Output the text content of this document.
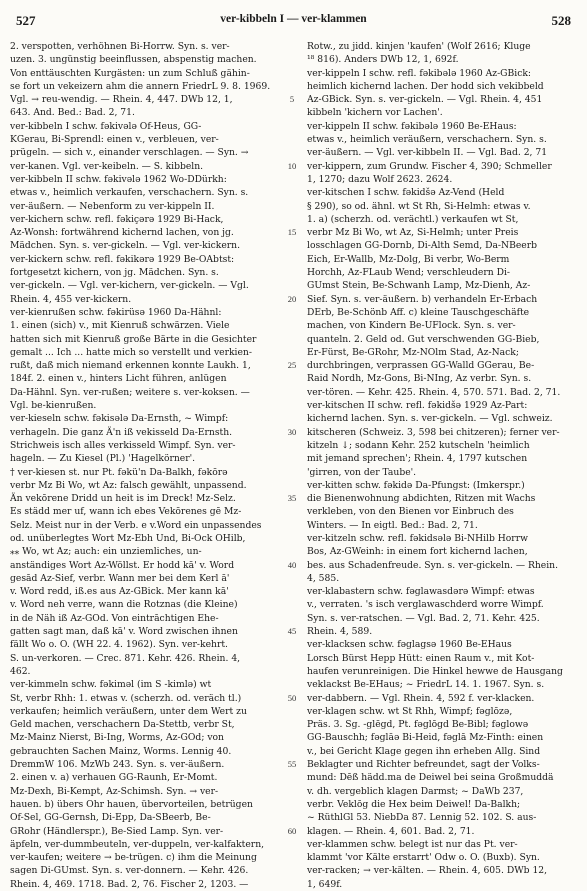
527	ver-kibbeln I — ver-klammen	528
2. verspotten, verhöhnen Bi-Horrw. Syn. s. ver-
uzen. 3. ungünstig beeinflussen, abspenstig machen.
Von enttäuschten Kurgästen: un zum Schluß gähin-
se fort un vekeizern ahm die annern FriedrL 9. 8. 1969.
Vgl. → reu-wendig. — Rhein. 4, 447. DWb 12, 1,
643. And. Bed.: Bad. 2, 71.
ver-kibbeln I schw. fəkivələ Of-Heus, GG-
KGerau, Bi-Sprendl: einen v., verbleuen, ver-
prügeln. — sich v., einander verschlagen. — Syn. →
ver-kanen. Vgl. ver-keibeln. — S. kibbeln.
ver-kibbeln II schw. fəkivələ 1962 Wo-DDürkh:
etwas v., heimlich verkaufen, verschachern. Syn. s.
ver-äußern. — Nebenform zu ver-kippeln II.
ver-kichern schw. refl. fəkiçərə 1929 Bi-Hack,
Az-Wonsh: fortwährend kichernd lachen, von jg.
Mädchen. Syn. s. ver-gickeln. — Vgl. ver-kickern.
ver-kickern schw. refl. fəkikərə 1929 Be-OAbtst:
fortgesetzt kichern, von jg. Mädchen. Syn. s.
ver-gickeln. — Vgl. ver-kichern, ver-gickeln. — Vgl.
Rhein. 4, 455 ver-kickern.
ver-kienrußen schw. fəkirüsə 1960 Da-Hähnl:
1. einen (sich) v., mit Kienruß schwärzen. Viele
hatten sich mit Kienruß große Bärte in die Gesichter
gemalt ... Ich ... hatte mich so verstellt und verkien-
rußt, daß mich niemand erkennen konnte Laukh. 1,
184f. 2. einen v., hinters Licht führen, anlügen
Da-Hähnl. Syn. ver-rußen; weitere s. ver-koksen. —
Vgl. be-kienrußen.
ver-kieseln schw. fəkisələ Da-Ernsth, ~ Wimpf:
verhageln. Die ganz Ä'n iß vekisseld Da-Ernsth.
Strichweis isch alles verkisseld Wimpf. Syn. ver-
hageln. — Zu Kiesel (Pl.) 'Hagelkörner'.
† ver-kiesen st. nur Pt. fəkü'n Da-Balkh, fəkōrə
verbr Mz Bi Wo, wt Az: falsch gewählt, unpassend.
Än vekōrene Dridd un heit is im Dreck! Mz-Selz.
Es städd mer uf, wann ich ebes Vekōrenes gē Mz-
Selz. Meist nur in der Verb. e v.Word ein unpassendes
od. unüberlegtes Wort Mz-Ebh Und, Bi-Ock OHilb,
⁎⁎ Wo, wt Az; auch: ein unziemliches, un-
anständiges Wort Az-Wöllst. Er hodd kā' v. Word
gesād Az-Sief, verbr. Wann mer bei dem Kerl ā'
v. Word redd, iß.es aus Az-GBick. Mer kann kā'
v. Word neh verre, wann die Rotznas (die Kleine)
in de Näh iß Az-GOd. Von eintrāchtigen Ehe-
gatten sagt man, daß kā' v. Word zwischen ihnen
fällt Wo o. O. (WH 22. 4. 1962). Syn. ver-kehrt.
S. un-verkoren. — Crec. 871. Kehr. 426. Rhein. 4,
462.
ver-kimmeln schw. fəkiməl (im S -kimlə) wt
St, verbr Rhh: 1. etwas v. (scherzh. od. veräch tl.)
verkaufen; heimlich veräußern, unter dem Wert zu
Geld machen, verschachern Da-Stettb, verbr St,
Mz-Mainz Nierst, Bi-Ing, Worms, Az-GOd; von
gebrauchten Sachen Mainz, Worms. Lennig 40.
DremmW 106. MzWb 243. Syn. s. ver-äußern.
2. einen v. a) verhauen GG-Raunh, Er-Momt.
Mz-Dexh, Bi-Kempt, Az-Schimsh. Syn. → ver-
hauen. b) übers Ohr hauen, übervorteilen, betrügen
Of-Sel, GG-Gernsh, Di-Epp, Da-SBeerb, Be-
GRohr (Händlerspr.), Be-Sied Lamp. Syn. ver-
äpfeln, ver-dummbeuteln, ver-duppeln, ver-kalfaktern,
ver-kaufen; weitere → be-trügen. c) ihm die Meinung
sagen Di-GUmst. Syn. s. ver-donnern. — Kehr. 426.
Rhein. 4, 469. 1718. Bad. 2, 76. Fischer 2, 1203. —
5
10
15
20
25
30
35
40
45
50
55
60
Rotw., zu jidd. kinjen 'kaufen' (Wolf 2616; Kluge
¹⁸ 816). Anders DWb 12, 1, 692f.
ver-kippeln I schw. refl. fəkibələ 1960 Az-GBick:
heimlich kichernd lachen. Der hodd sich vekibbeld
Az-GBick. Syn. s. ver-gickeln. — Vgl. Rhein. 4, 451
kibbeln 'kichern vor Lachen'.
ver-kippeln II schw. fəkibələ 1960 Be-EHaus:
etwas v., heimlich veräußern, verschachern. Syn. s.
ver-äußern. — Vgl. ver-kibbeln II. — Vgl. Bad. 2, 71
ver-kippern, zum Grundw. Fischer 4, 390; Schmeller
1, 1270; dazu Wolf 2623. 2624.
ver-kitschen I schw. fəkidšə Az-Vend (Held
§ 290), so od. ähnl. wt St Rh, Si-Helmh: etwas v.
1. a) (scherzh. od. verächtl.) verkaufen wt St,
verbr Mz Bi Wo, wt Az, Si-Helmh; unter Preis
losschlagen GG-Dornb, Di-Alth Semd, Da-NBeerb
Eich, Er-Wallb, Mz-Dolg, Bi verbr, Wo-Berm
Horchh, Az-FLaub Wend; verschleudern Di-
GUmst Stein, Be-Schwanh Lamp, Mz-Dienh, Az-
Sief. Syn. s. ver-äußern. b) verhandeln Er-Erbach
DErb, Be-Schönb Aff. c) kleine Tauschgeschäfte
machen, von Kindern Be-UFlock. Syn. s. ver-
quanteln. 2. Geld od. Gut verschwenden GG-Bieb,
Er-Fürst, Be-GRohr, Mz-NOlm Stad, Az-Nack;
durchbringen, verprassen GG-Walld GGerau, Be-
Raid Nordh, Mz-Gons, Bi-NIng, Az verbr. Syn. s.
ver-tören. — Kehr. 425. Rhein. 4, 570. 571. Bad. 2, 71.
ver-kitschen II schw. refl. fəkidšə 1929 Az-Part:
kichernd lachen. Syn. s. ver-gickeln. — Vgl. schweiz.
kitscheren (Schweiz. 3, 598 bei chitzeren); ferner ver-
kitzeln ↓; sodann Kehr. 252 kutscheln 'heimlich
mit jemand sprechen'; Rhein. 4, 1797 kutschen
'girren, von der Taube'.
ver-kitten schw. fəkidə Da-Pfungst: (Imkerspr.)
die Bienenwohnung abdichten, Ritzen mit Wachs
verkleben, von den Bienen vor Einbruch des
Winters. — In eigtl. Bed.: Bad. 2, 71.
ver-kitzeln schw. refl. fəkidsələ Bi-NHilb Horrw
Bos, Az-GWeinh: in einem fort kichernd lachen,
bes. aus Schadenfreude. Syn. s. ver-gickeln. — Rhein.
4, 585.
ver-klabastern schw. fəglawasdərə Wimpf: etwas
v., verraten. 's isch verglawaschderd worre Wimpf.
Syn. s. ver-ratschen. — Vgl. Bad. 2, 71. Kehr. 425.
Rhein. 4, 589.
ver-klacksen schw. fəglagsə 1960 Be-EHaus
Lorsch Bürst Hepp Hütt: einen Raum v., mit Kot-
haufen verunreinigen. Die Hinkel hewwe de Hausgang
veklackst Be-EHaus; ~ FriedrL 14. 1. 1967. Syn. s.
ver-dabbern. — Vgl. Rhein. 4, 592 f. ver-klacken.
ver-klagen schw. wt St Rhh, Wimpf; fəglōzə,
Präs. 3. Sg. -glēgd, Pt. fəglōgd Be-Bibl; fəglowə
GG-Bauschh; fəglāə Bi-Heid, fəglā Mz-Finth: einen
v., bei Gericht Klage gegen ihn erheben Allg. Sind
Beklagter und Richter befreundet, sagt der Volks-
mund: Dēß hädd.ma de Deiwel bei seina Großmuddä
v. dh. vergeblich klagen Darmst; ~ DaWb 237,
verbr. Veklōg die Hex beim Deiwel! Da-Balkh;
~ RüthlGl 53. NiebDa 87. Lennig 52. 102. S. aus-
klagen. — Rhein. 4, 601. Bad. 2, 71.
ver-klammen schw. belegt ist nur das Pt. ver-
klammt 'vor Kälte erstarrt' Odw o. O. (Buxb). Syn.
ver-racken; → ver-kälten. — Rhein. 4, 605. DWb 12,
1, 649f.
